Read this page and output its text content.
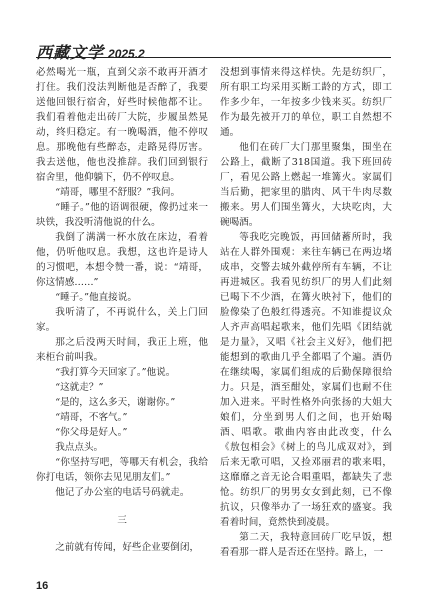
西藏文学 2025.2

必然喝光一瓶，直到父亲不敢再开酒才打住。我们没法判断他是否醉了，我要送他回银行宿舍，好些时候他都不让。我们看着他走出砖厂大院，步履虽然晃动，终归稳定。有一晚喝酒，他不停叹息。那晚他有些醉态，走路晃得厉害。我去送他，他也没推辞。我们回到银行宿舍里，他仰躺下，仍不停叹息。

“靖哥，哪里不舒服？”我问。

“睡子。”他的语调很硬，像扔过来一块铁，我没听清他说的什么。

我倒了满满一杯水放在床边，看着他，仍听他叹息。我想，这也许是诗人的习惯吧，本想令赞一番，说：“靖哥，你这情感……”

“睡子。”他直接说。

我听清了，不再说什么，关上门回家。

那之后没两天时间，我正上班，他来柜台前叫我。

“我打算今天回家了。”他说。

“这就走？”

“是的，这么多天，谢谢你。”

“靖哥，不客气。”

“你父母是好人。”

我点点头。

“你坚持写吧，等哪天有机会，我给你打电话，领你去见见朋友们。”

他记了办公室的电话号码就走。

三

之前就有传闻，好些企业要倒闭，

没想到事情来得这样快。先是纺织厂，所有职工均采用买断工龄的方式，即工作多少年，一年按多少钱来买。纺织厂作为最先被开刀的单位，职工自然想不通。

他们在砖厂大门那里聚集，围坐在公路上，截断了318国道。我下班回砖厂，看见公路上燃起一堆篝火。家属们当后勤，把家里的腊肉、风干牛肉尽数搬来。男人们围坐篝火，大块吃肉，大碗喝酒。

等我吃完晚饭，再回储蓄所时，我站在人群外围观：来往车辆已在两边堵成串，交警去城外截停所有车辆，不让再进城区。我看见纺织厂的男人们此刻已喝下不少酒，在篝火映衬下，他们的脸像染了色般红得透亮。不知谁提议众人齐声高唱起歌来，他们先唱《团结就是力量》，又唱《社会主义好》，他们把能想到的歌曲几乎全都唱了个遍。酒仍在继续喝，家属们组成的后勤保障很给力。只是，酒至酣处，家属们也耐不住加入进来。平时性格外向张扬的大姐大娘们，分坐到男人们之间，也开始喝酒、唱歌。歌曲内容由此改变，什么《敖包相会》《树上的鸟儿成双对》，到后来无歌可唱，又捡邓丽君的歌来唱，这靡靡之音无论合唱重唱，都缺失了悲怆。纺织厂的男男女女到此刻，已不像抗议，只像举办了一场狂欢的盛宴。我看着时间，竟然快到凌晨。

第二天，我特意回砖厂吃早饭，想看看那一群人是否还在坚持。路上，一

16
